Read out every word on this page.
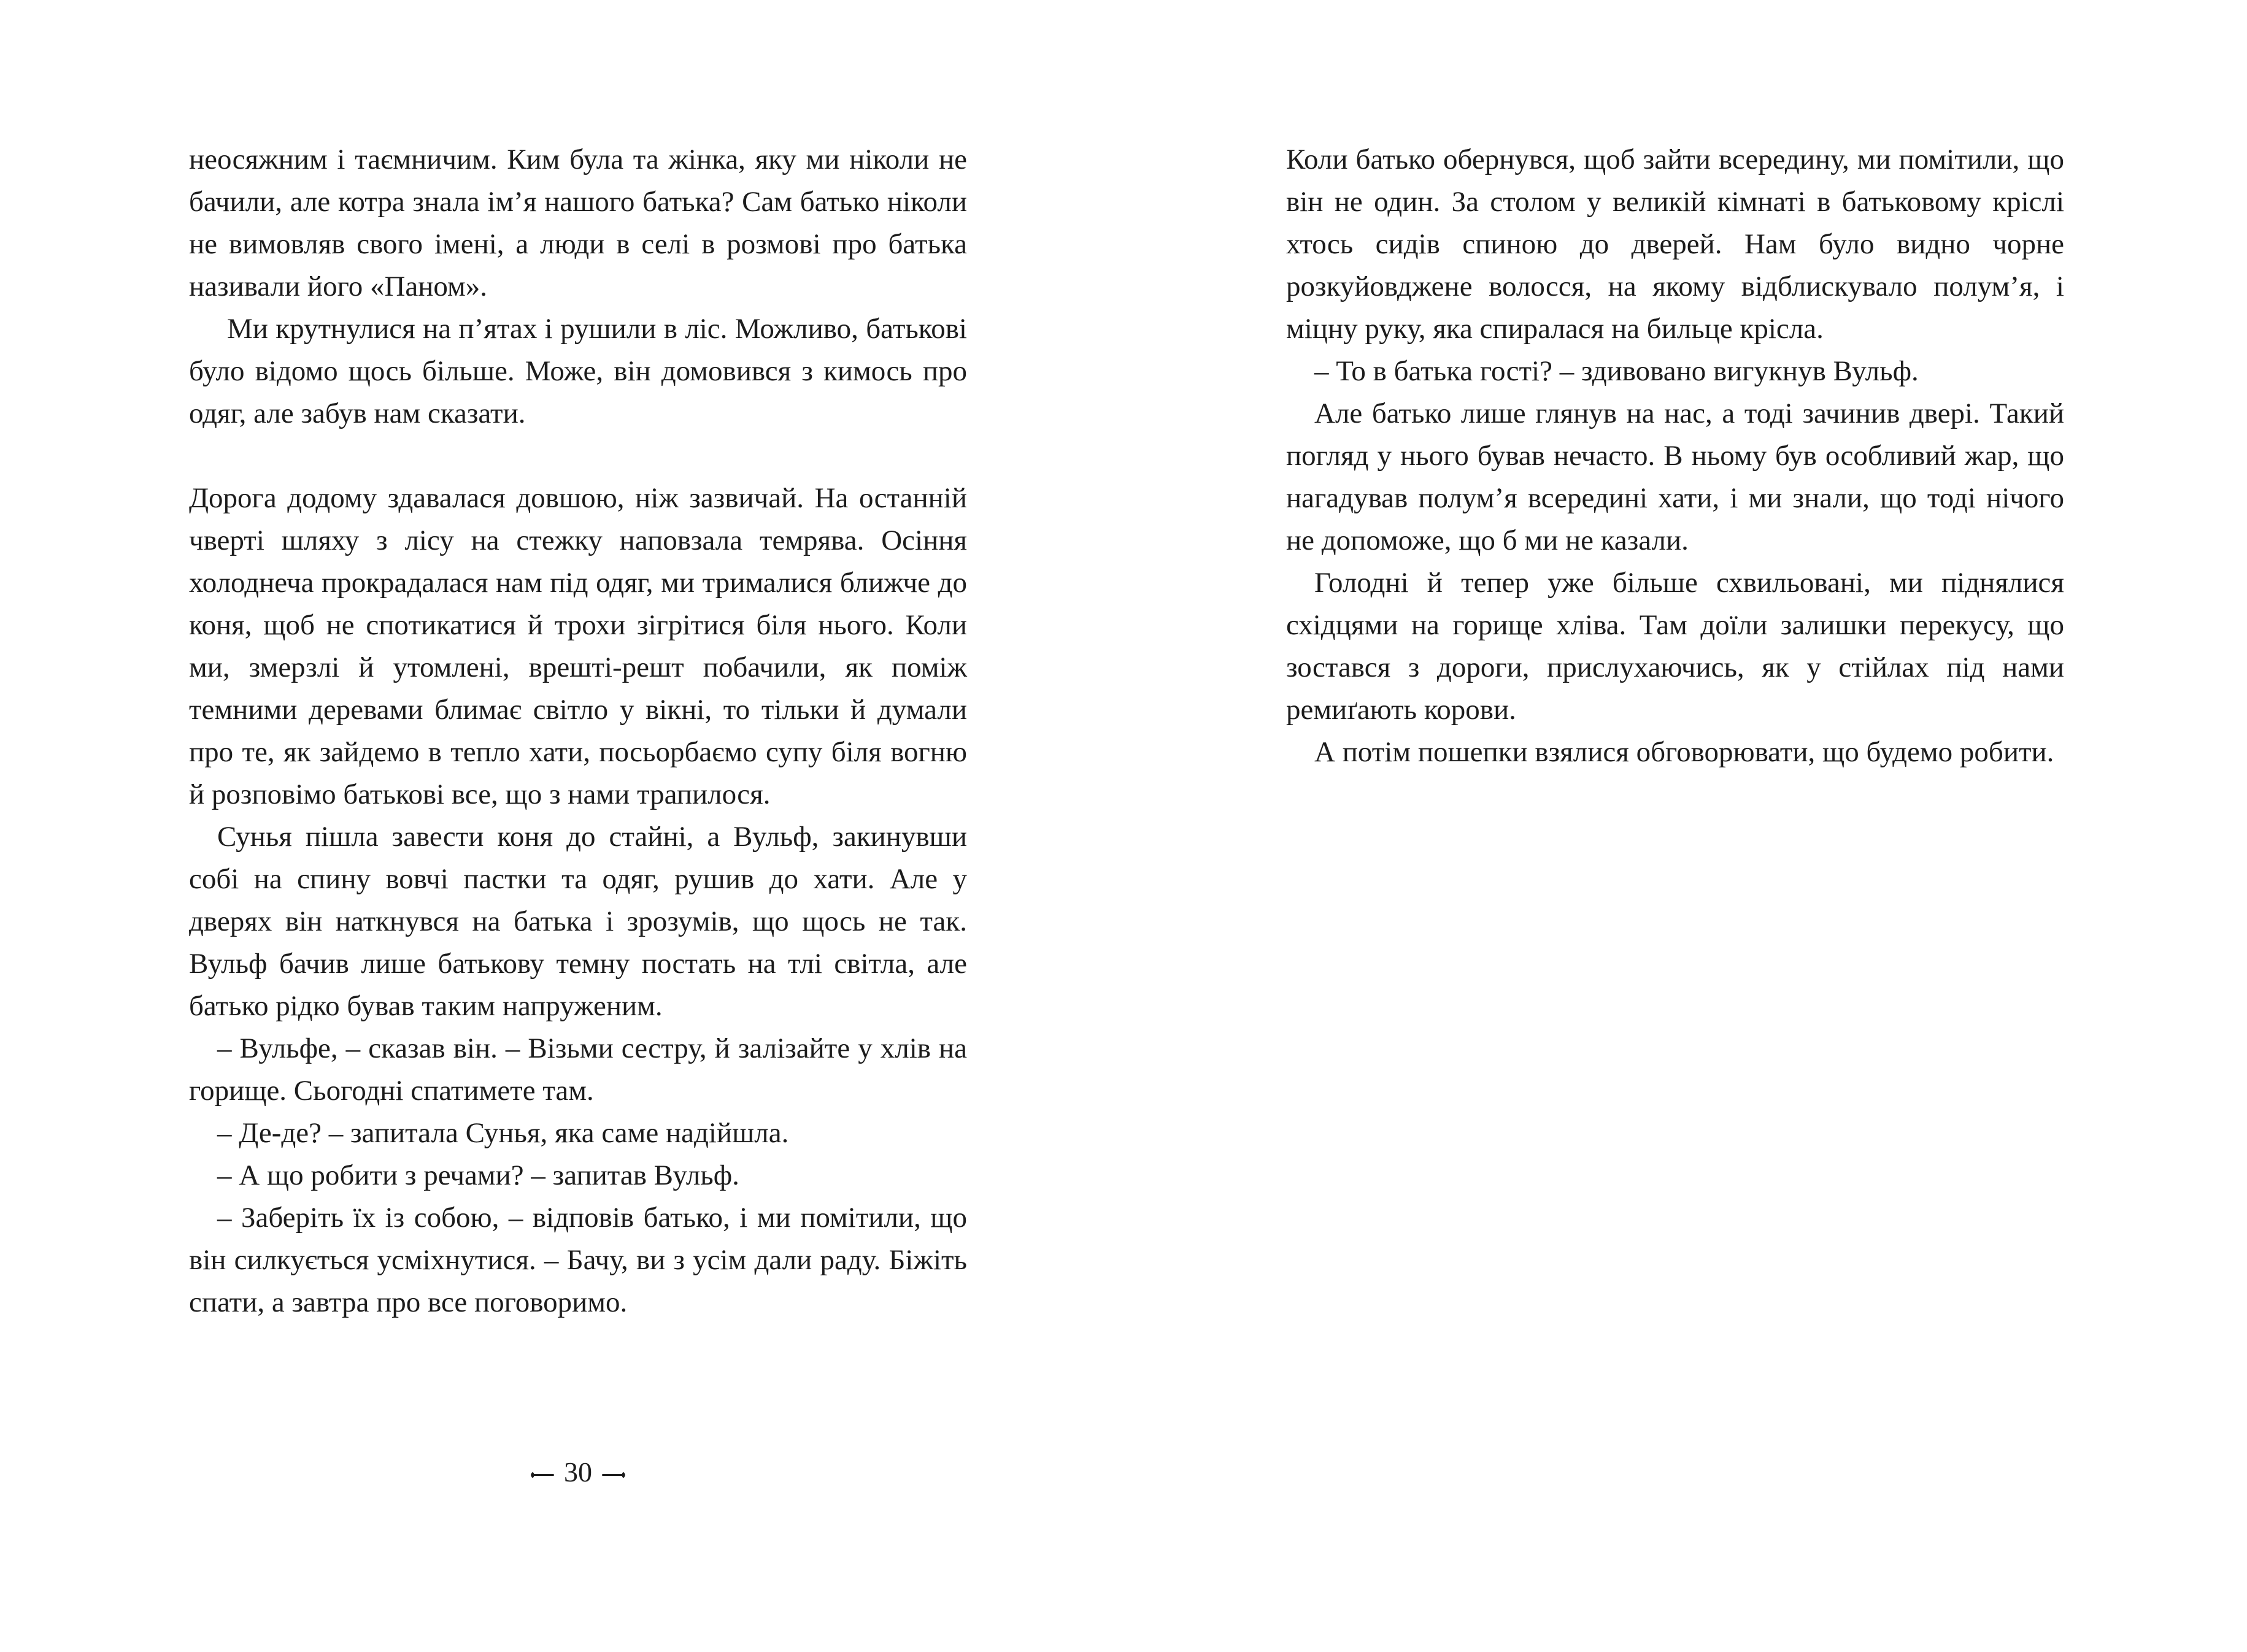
неосяжним і таємничим. Ким була та жінка, яку ми ніколи не бачили, але котра знала ім’я нашого батька? Сам батько ніколи не вимовляв свого імені, а люди в селі в розмові про батька називали його «Паном».

Ми крутнулися на п’ятах і рушили в ліс. Можливо, батькові було відомо щось більше. Може, він домовився з кимось про одяг, але забув нам сказати.

Дорога додому здавалася довшою, ніж зазвичай. На останній чверті шляху з лісу на стежку наповзала темрява. Осіння холоднеча прокрадалася нам під одяг, ми трималися ближче до коня, щоб не спотикатися й трохи зігрітися біля нього. Коли ми, змерзлі й утомлені, врешті-решт побачили, як поміж темними деревами блимає світло у вікні, то тільки й думали про те, як зайдемо в тепло хати, посьорбаємо супу біля вогню й розповімо батькові все, що з нами трапилося.

Сунья пішла завести коня до стайні, а Вульф, закинувши собі на спину вовчі пастки та одяг, рушив до хати. Але у дверях він наткнувся на батька і зрозумів, що щось не так. Вульф бачив лише батькову темну постать на тлі світла, але батько рідко бував таким напруженим.

– Вульфе, – сказав він. – Візьми сестру, й залізайте у хлів на горище. Сьогодні спатимете там.

– Де-де? – запитала Сунья, яка саме надійшла.

– А що робити з речами? – запитав Вульф.

– Заберіть їх із собою, – відповів батько, і ми помітили, що він силкується усміхнутися. – Бачу, ви з усім дали раду. Біжіть спати, а завтра про все поговоримо.

30

Коли батько обернувся, щоб зайти всередину, ми помітили, що він не один. За столом у великій кімнаті в батьковому кріслі хтось сидів спиною до дверей. Нам було видно чорне розкуйовджене волосся, на якому відблискувало полум’я, і міцну руку, яка спиралася на бильце крісла.

– То в батька гості? – здивовано вигукнув Вульф.

Але батько лише глянув на нас, а тоді зачинив двері. Такий погляд у нього бував нечасто. В ньому був особливий жар, що нагадував полум’я всередині хати, і ми знали, що тоді нічого не допоможе, що б ми не казали.

Голодні й тепер уже більше схвильовані, ми піднялися східцями на горище хліва. Там доїли залишки перекусу, що зостався з дороги, прислухаючись, як у стійлах під нами ремиґають корови.

А потім пошепки взялися обговорювати, що будемо робити.
